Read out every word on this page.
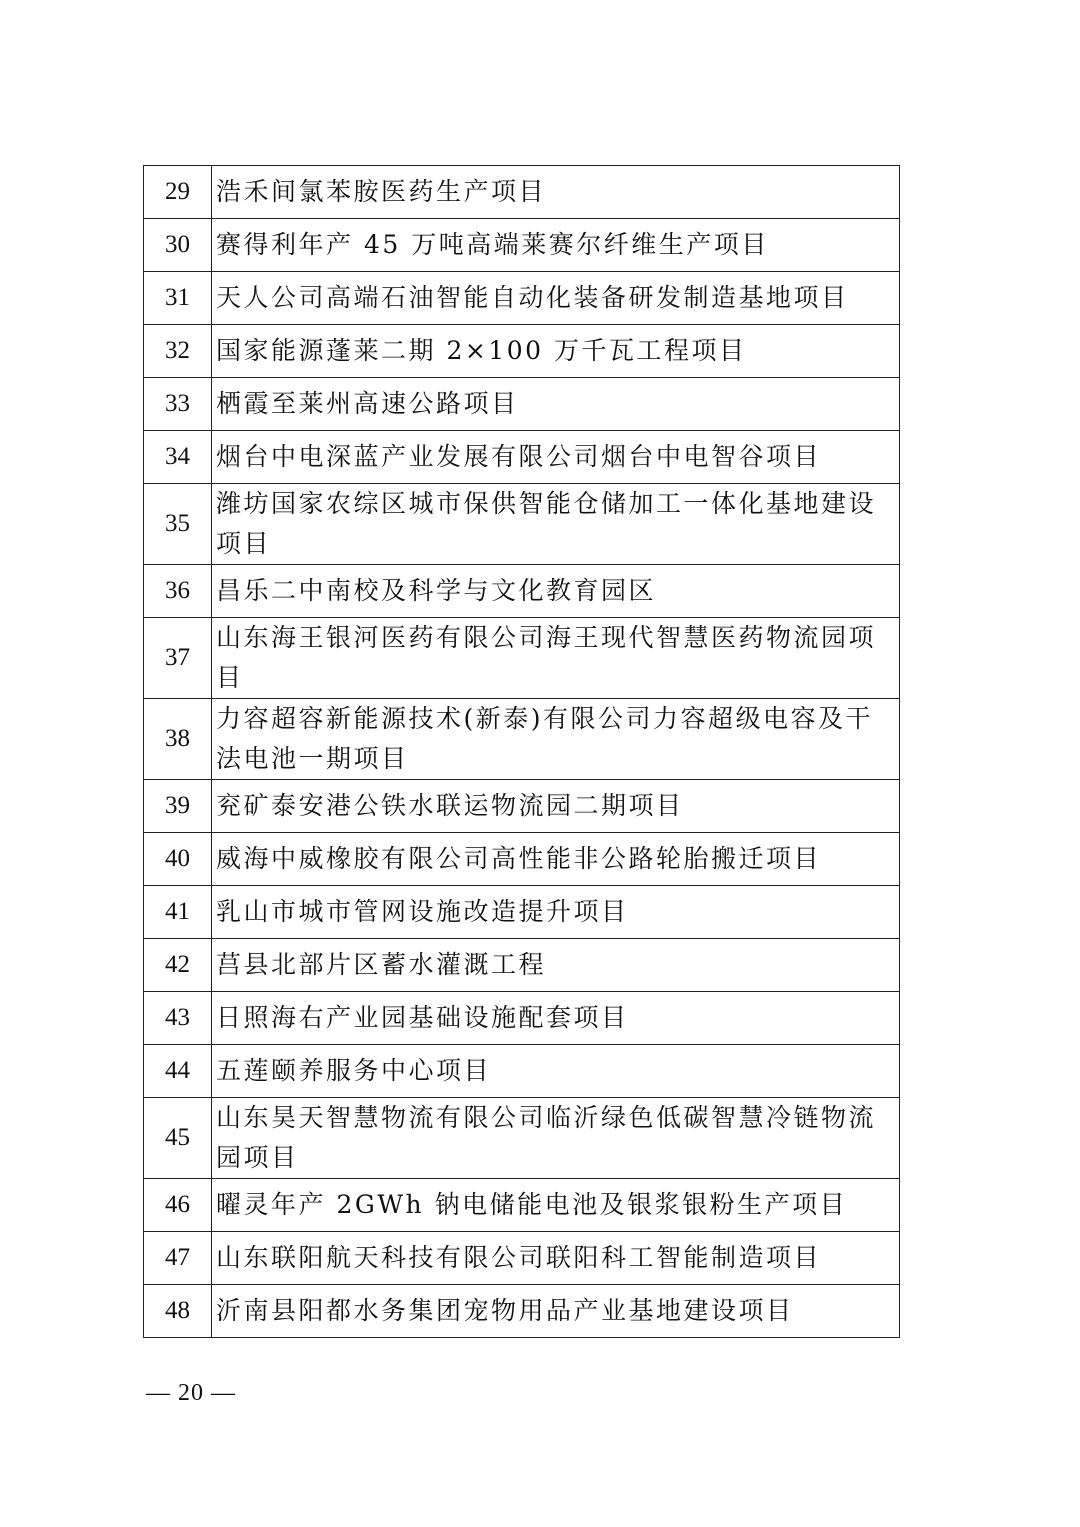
29	浩禾间氯苯胺医药生产项目
30	赛得利年产 45 万吨高端莱赛尔纤维生产项目
31	天人公司高端石油智能自动化装备研发制造基地项目
32	国家能源蓬莱二期 2×100 万千瓦工程项目
33	栖霞至莱州高速公路项目
34	烟台中电深蓝产业发展有限公司烟台中电智谷项目
35	潍坊国家农综区城市保供智能仓储加工一体化基地建设项目
36	昌乐二中南校及科学与文化教育园区
37	山东海王银河医药有限公司海王现代智慧医药物流园项目
38	力容超容新能源技术(新泰)有限公司力容超级电容及干法电池一期项目
39	兖矿泰安港公铁水联运物流园二期项目
40	威海中威橡胶有限公司高性能非公路轮胎搬迁项目
41	乳山市城市管网设施改造提升项目
42	莒县北部片区蓄水灌溉工程
43	日照海右产业园基础设施配套项目
44	五莲颐养服务中心项目
45	山东昊天智慧物流有限公司临沂绿色低碳智慧冷链物流园项目
46	曜灵年产 2GWh 钠电储能电池及银浆银粉生产项目
47	山东联阳航天科技有限公司联阳科工智能制造项目
48	沂南县阳都水务集团宠物用品产业基地建设项目
— 20 —
